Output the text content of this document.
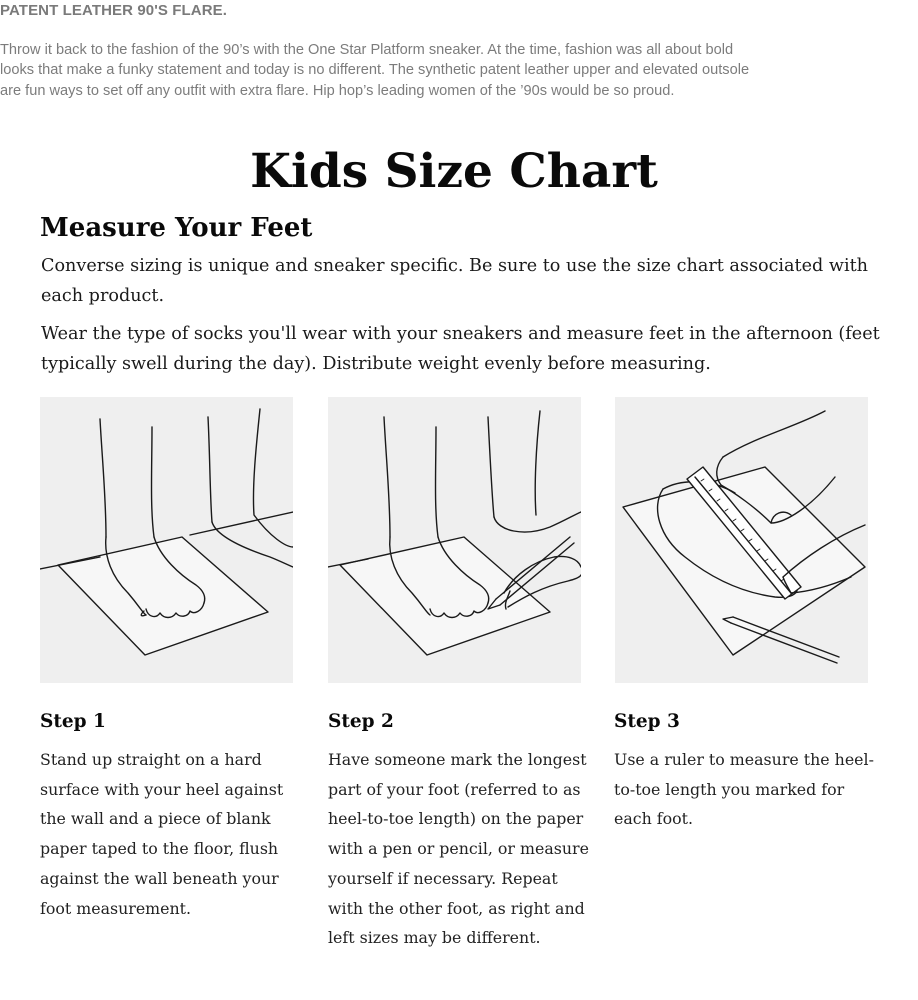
PATENT LEATHER 90'S FLARE.

Throw it back to the fashion of the 90’s with the One Star Platform sneaker. At the time, fashion was all about bold looks that make a funky statement and today is no different. The synthetic patent leather upper and elevated outsole are fun ways to set off any outfit with extra flare. Hip hop’s leading women of the ’90s would be so proud.

Kids Size Chart
Measure Your Feet

Converse sizing is unique and sneaker specific. Be sure to use the size chart associated with each product.

Wear the type of socks you'll wear with your sneakers and measure feet in the afternoon (feet typically swell during the day). Distribute weight evenly before measuring.

Step 1

Stand up straight on a hard surface with your heel against the wall and a piece of blank paper taped to the floor, flush against the wall beneath your foot measurement.

Step 2

Have someone mark the longest part of your foot (referred to as heel-to-toe length) on the paper with a pen or pencil, or measure yourself if necessary. Repeat with the other foot, as right and left sizes may be different.

Step 3

Use a ruler to measure the heel-to-toe length you marked for each foot.
